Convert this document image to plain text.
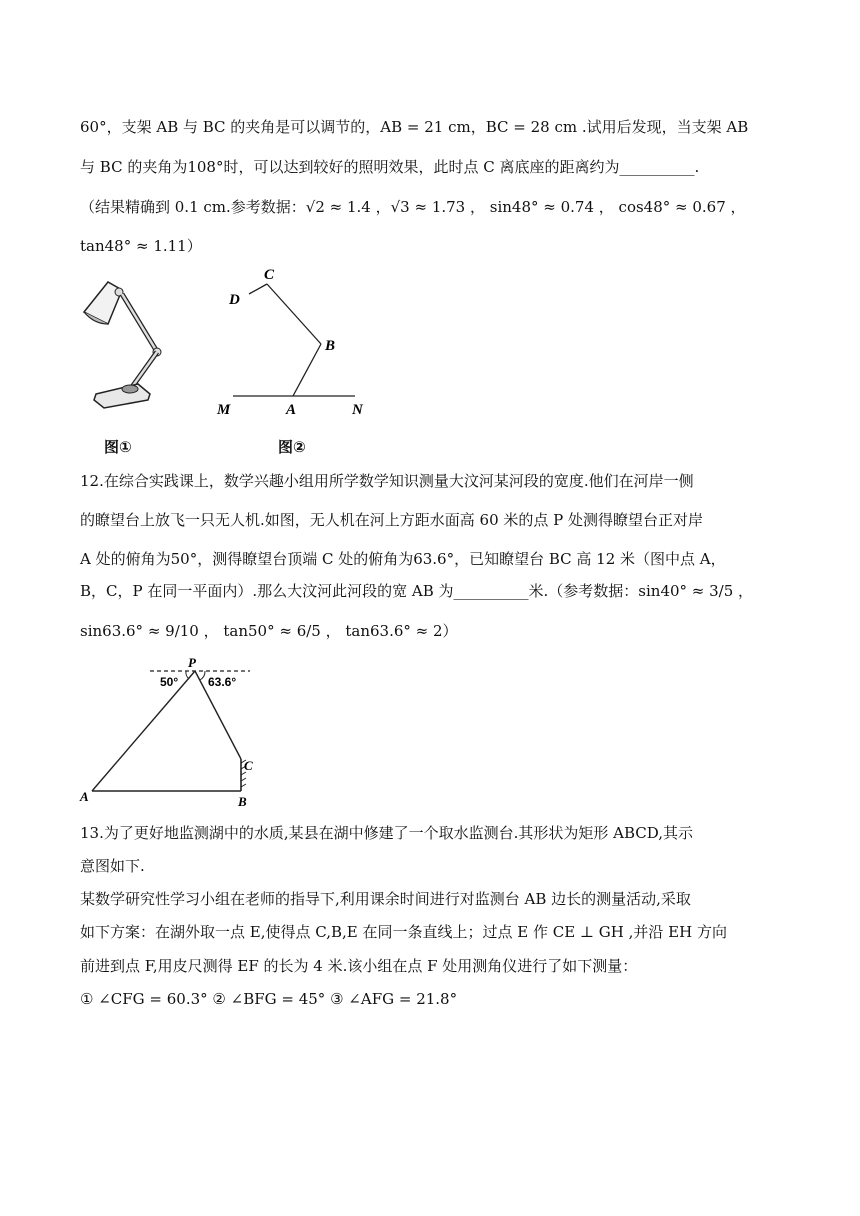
60°，支架 AB 与 BC 的夹角是可以调节的，AB = 21 cm，BC = 28 cm .试用后发现，当支架 AB
与 BC 的夹角为108°时，可以达到较好的照明效果，此时点 C 离底座的距离约为__________.
（结果精确到 0.1 cm.参考数据：√2 ≈ 1.4 ，√3 ≈ 1.73 ， sin48° ≈ 0.74 ， cos48° ≈ 0.67 ，
tan48° ≈ 1.11）
图①
C
D
B
M	A	N
图②
12.在综合实践课上，数学兴趣小组用所学数学知识测量大汶河某河段的宽度.他们在河岸一侧
的瞭望台上放飞一只无人机.如图，无人机在河上方距水面高 60 米的点 P 处测得瞭望台正对岸
A 处的俯角为50°，测得瞭望台顶端 C 处的俯角为63.6°，已知瞭望台 BC 高 12 米（图中点 A，
B，C，P 在同一平面内）.那么大汶河此河段的宽 AB 为__________米.（参考数据：sin40° ≈ 3/5 ，
sin63.6° ≈ 9/10 ， tan50° ≈ 6/5 ， tan63.6° ≈ 2）
P
50° 63.6°
A	B
C
13.为了更好地监测湖中的水质,某县在湖中修建了一个取水监测台.其形状为矩形 ABCD,其示
意图如下.
某数学研究性学习小组在老师的指导下,利用课余时间进行对监测台 AB 边长的测量活动,采取
如下方案：在湖外取一点 E,使得点 C,B,E 在同一条直线上；过点 E 作 CE ⊥ GH ,并沿 EH 方向
前进到点 F,用皮尺测得 EF 的长为 4 米.该小组在点 F 处用测角仪进行了如下测量：
① ∠CFG = 60.3° ② ∠BFG = 45° ③ ∠AFG = 21.8°
